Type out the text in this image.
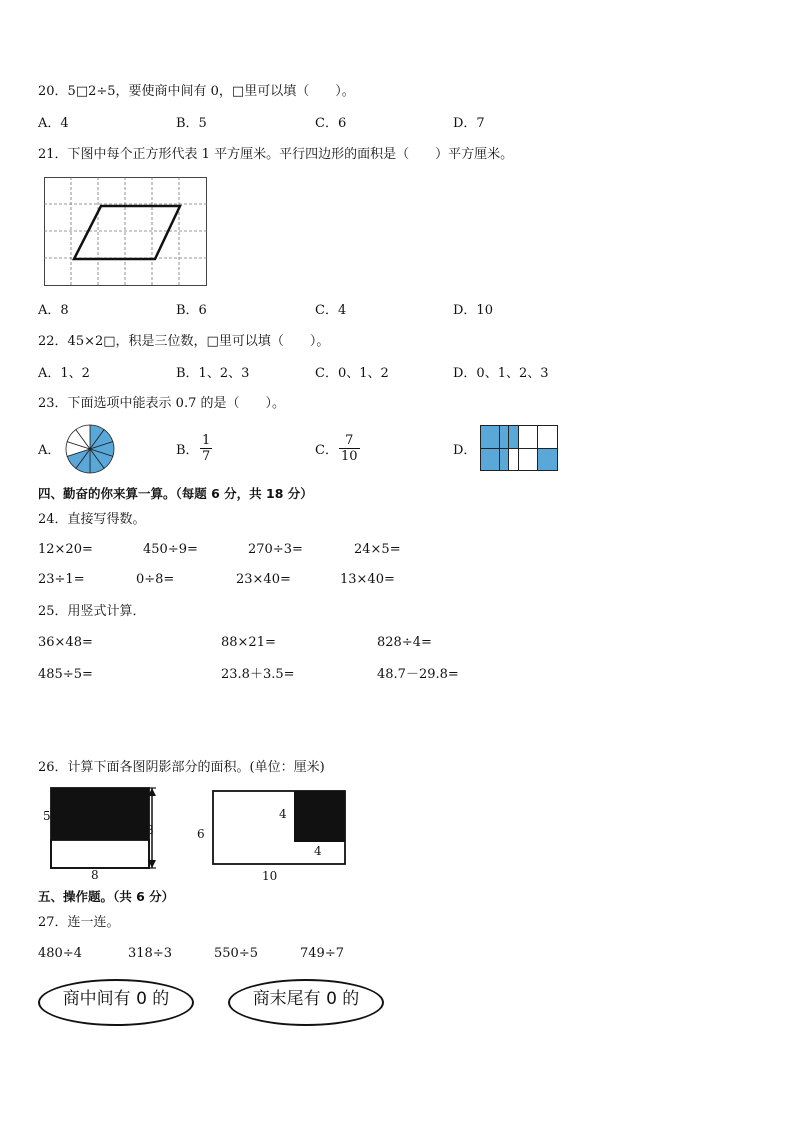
20．5□2÷5，要使商中间有 0，□里可以填（　　）。
A．4	B．5	C．6	D．7
21．下图中每个正方形代表 1 平方厘米。平行四边形的面积是（　　）平方厘米。
A．8	B．6	C．4	D．10
22．45×2□，积是三位数，□里可以填（　　）。
A．1、2	B．1、2、3	C．0、1、2	D．0、1、2、3
23．下面选项中能表示 0.7 的是（　　）。
A．	B． $\frac{1}{7}$	C． $\frac{7}{10}$	D．
四、勤奋的你来算一算。（每题 6 分，共 18 分）
24．直接写得数。
12×20=	450÷9=	270÷3=	24×5=
23÷1=	0÷8=	23×40=	13×40=
25．用竖式计算．
36×48=	88×21=	828÷4=
485÷5=	23.8＋3.5=	48.7－29.8=
26．计算下面各图阴影部分的面积。(单位：厘米)
5
8
8	6
10
4
4
五、操作题。（共 6 分）
27．连一连。
480÷4	318÷3	550÷5	749÷7
商中间有 0 的	商末尾有 0 的
